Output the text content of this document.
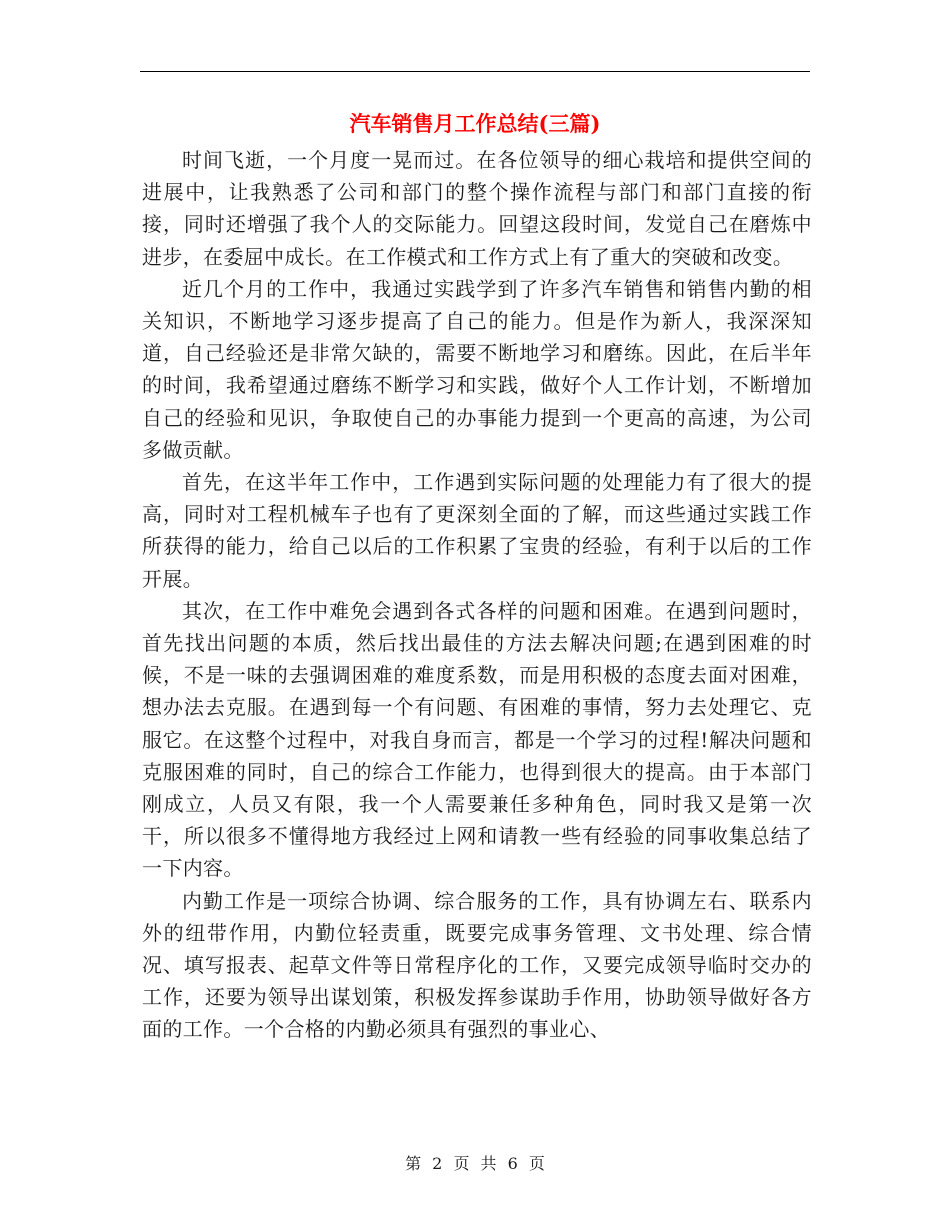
汽车销售月工作总结(三篇)

时间飞逝，一个月度一晃而过。在各位领导的细心栽培和提供空间的进展中，让我熟悉了公司和部门的整个操作流程与部门和部门直接的衔接，同时还增强了我个人的交际能力。回望这段时间，发觉自己在磨炼中进步，在委屈中成长。在工作模式和工作方式上有了重大的突破和改变。

近几个月的工作中，我通过实践学到了许多汽车销售和销售内勤的相关知识，不断地学习逐步提高了自己的能力。但是作为新人，我深深知道，自己经验还是非常欠缺的，需要不断地学习和磨练。因此，在后半年的时间，我希望通过磨练不断学习和实践，做好个人工作计划，不断增加自己的经验和见识，争取使自己的办事能力提到一个更高的高速，为公司多做贡献。

首先，在这半年工作中，工作遇到实际问题的处理能力有了很大的提高，同时对工程机械车子也有了更深刻全面的了解，而这些通过实践工作所获得的能力，给自己以后的工作积累了宝贵的经验，有利于以后的工作开展。

其次，在工作中难免会遇到各式各样的问题和困难。在遇到问题时，首先找出问题的本质，然后找出最佳的方法去解决问题;在遇到困难的时候，不是一味的去强调困难的难度系数，而是用积极的态度去面对困难，想办法去克服。在遇到每一个有问题、有困难的事情，努力去处理它、克服它。在这整个过程中，对我自身而言，都是一个学习的过程!解决问题和克服困难的同时，自己的综合工作能力，也得到很大的提高。由于本部门刚成立，人员又有限，我一个人需要兼任多种角色，同时我又是第一次干，所以很多不懂得地方我经过上网和请教一些有经验的同事收集总结了一下内容。

内勤工作是一项综合协调、综合服务的工作，具有协调左右、联系内外的纽带作用，内勤位轻责重，既要完成事务管理、文书处理、综合情况、填写报表、起草文件等日常程序化的工作，又要完成领导临时交办的工作，还要为领导出谋划策，积极发挥参谋助手作用，协助领导做好各方面的工作。一个合格的内勤必须具有强烈的事业心、

第 2 页 共 6 页
